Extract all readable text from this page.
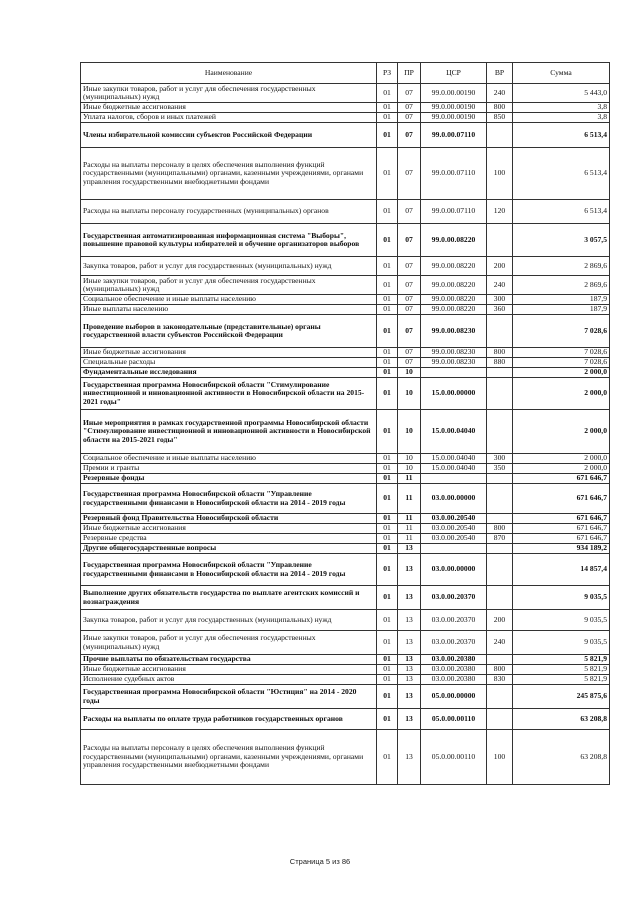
Наименование	РЗ	ПР	ЦСР	ВР	Сумма
Иные закупки товаров, работ и услуг для обеспечения государственных (муниципальных) нужд	01	07	99.0.00.00190	240	5 443,0
Иные бюджетные ассигнования	01	07	99.0.00.00190	800	3,8
Уплата налогов, сборов и иных платежей	01	07	99.0.00.00190	850	3,8
Члены избирательной комиссии субъектов Российской Федерации	01	07	99.0.00.07110		6 513,4
Расходы на выплаты персоналу в целях обеспечения выполнения функций государственными (муниципальными) органами, казенными учреждениями, органами управления государственными внебюджетными фондами	01	07	99.0.00.07110	100	6 513,4
Расходы на выплаты персоналу государственных (муниципальных) органов	01	07	99.0.00.07110	120	6 513,4
Государственная автоматизированная информационная система "Выборы", повышение правовой культуры избирателей и обучение организаторов выборов	01	07	99.0.00.08220		3 057,5
Закупка товаров, работ и услуг для государственных (муниципальных) нужд	01	07	99.0.00.08220	200	2 869,6
Иные закупки товаров, работ и услуг для обеспечения государственных (муниципальных) нужд	01	07	99.0.00.08220	240	2 869,6
Социальное обеспечение и иные выплаты населению	01	07	99.0.00.08220	300	187,9
Иные выплаты населению	01	07	99.0.00.08220	360	187,9
Проведение выборов в законодательные (представительные) органы государственной власти субъектов Российской Федерации	01	07	99.0.00.08230		7 028,6
Иные бюджетные ассигнования	01	07	99.0.00.08230	800	7 028,6
Специальные расходы	01	07	99.0.00.08230	880	7 028,6
Фундаментальные исследования	01	10			2 000,0
Государственная программа Новосибирской области "Стимулирование инвестиционной и инновационной активности в Новосибирской области на 2015-2021 годы"	01	10	15.0.00.00000		2 000,0
Иные мероприятия в рамках государственной программы Новосибирской области "Стимулирование инвестиционной и инновационной активности в Новосибирской области на 2015-2021 годы"	01	10	15.0.00.04040		2 000,0
Социальное обеспечение и иные выплаты населению	01	10	15.0.00.04040	300	2 000,0
Премии и гранты	01	10	15.0.00.04040	350	2 000,0
Резервные фонды	01	11			671 646,7
Государственная программа Новосибирской области "Управление государственными финансами в Новосибирской области на 2014 - 2019 годы	01	11	03.0.00.00000		671 646,7
Резервный фонд Правительства Новосибирской области	01	11	03.0.00.20540		671 646,7
Иные бюджетные ассигнования	01	11	03.0.00.20540	800	671 646,7
Резервные средства	01	11	03.0.00.20540	870	671 646,7
Другие общегосударственные вопросы	01	13			934 189,2
Государственная программа Новосибирской области "Управление государственными финансами в Новосибирской области на 2014 - 2019 годы	01	13	03.0.00.00000		14 857,4
Выполнение других обязательств государства по выплате агентских комиссий и вознаграждения	01	13	03.0.00.20370		9 035,5
Закупка товаров, работ и услуг для государственных (муниципальных) нужд	01	13	03.0.00.20370	200	9 035,5
Иные закупки товаров, работ и услуг для обеспечения государственных (муниципальных) нужд	01	13	03.0.00.20370	240	9 035,5
Прочие выплаты по обязательствам государства	01	13	03.0.00.20380		5 821,9
Иные бюджетные ассигнования	01	13	03.0.00.20380	800	5 821,9
Исполнение судебных актов	01	13	03.0.00.20380	830	5 821,9
Государственная программа Новосибирской области "Юстиция" на 2014 - 2020 годы	01	13	05.0.00.00000		245 875,6
Расходы на выплаты по оплате труда работников государственных органов	01	13	05.0.00.00110		63 208,8
Расходы на выплаты персоналу в целях обеспечения выполнения функций государственными (муниципальными) органами, казенными учреждениями, органами управления государственными внебюджетными фондами	01	13	05.0.00.00110	100	63 208,8
Страница 5 из 86
